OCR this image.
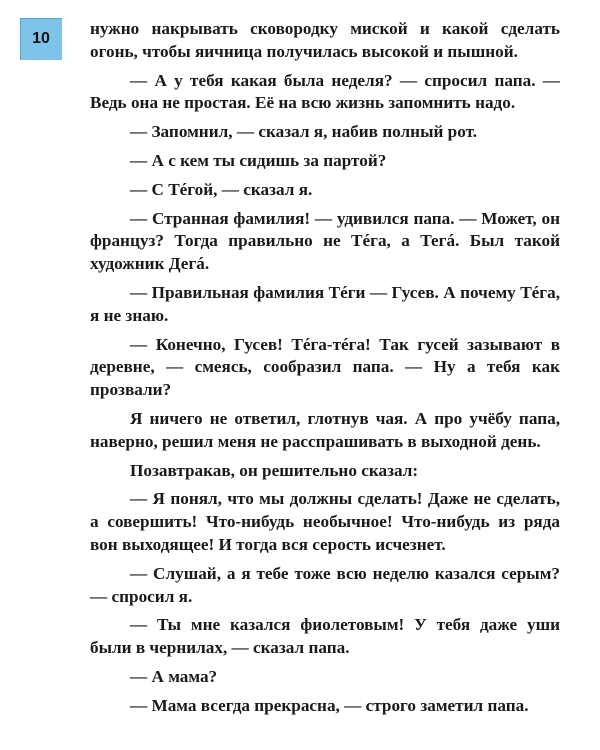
10

нужно накрывать сковородку миской и какой сделать огонь, чтобы яичница получилась высокой и пышной.

— А у тебя какая была неделя? — спросил папа. — Ведь она не простая. Её на всю жизнь запомнить надо.

— Запомнил, — сказал я, набив полный рот.

— А с кем ты сидишь за партой?

— С Тéгой, — сказал я.

— Странная фамилия! — удивился папа. — Может, он француз? Тогда правильно не Тéга, а Тегá. Был такой художник Дегá.

— Правильная фамилия Тéги — Гусев. А почему Тéга, я не знаю.

— Конечно, Гусев! Тéга-тéга! Так гусей зазывают в деревне, — смеясь, сообразил папа. — Ну а тебя как прозвали?

Я ничего не ответил, глотнув чая. А про учёбу папа, наверно, решил меня не расспрашивать в выходной день.

Позавтракав, он решительно сказал:

— Я понял, что мы должны сделать! Даже не сделать, а совершить! Что-нибудь необычное! Что-нибудь из ряда вон выходящее! И тогда вся серость исчезнет.

— Слушай, а я тебе тоже всю неделю казался серым? — спросил я.

— Ты мне казался фиолетовым! У тебя даже уши были в чернилах, — сказал папа.

— А мама?

— Мама всегда прекрасна, — строго заметил папа.
